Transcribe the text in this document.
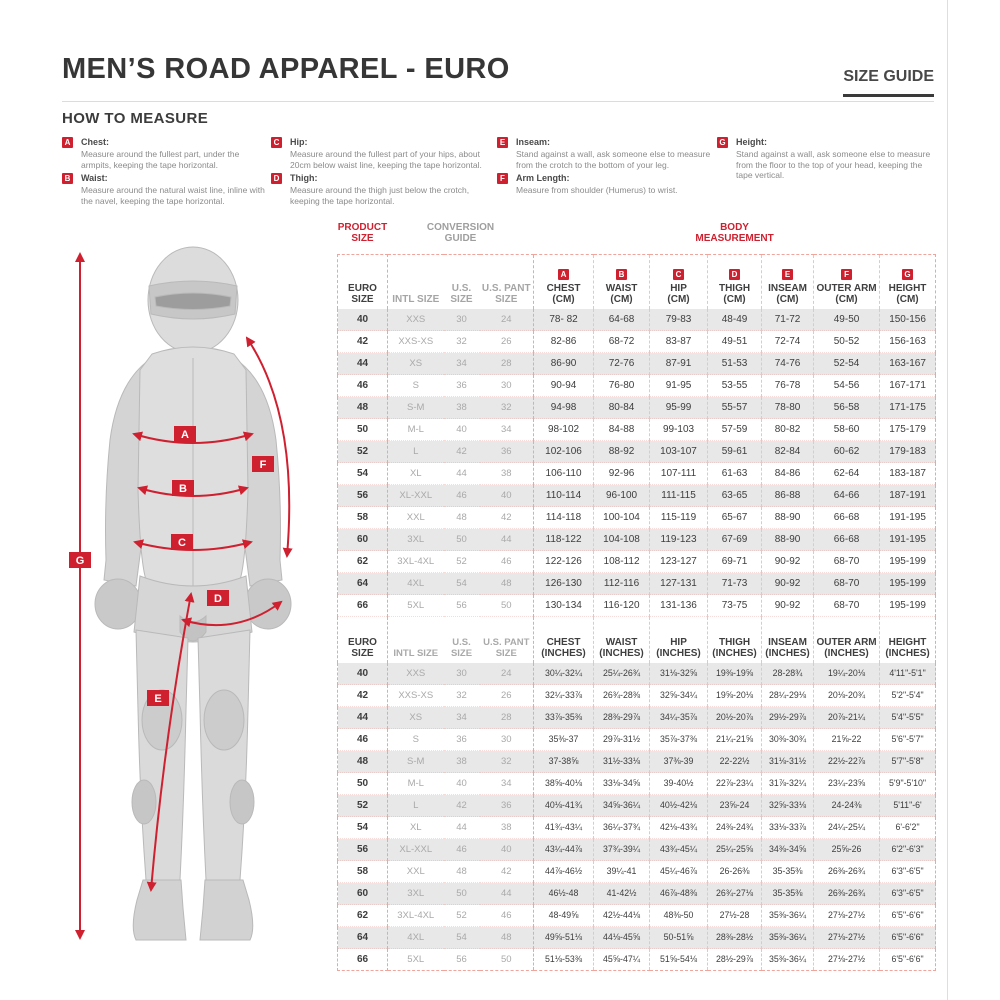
MEN’S ROAD APPAREL - EURO	SIZE GUIDE
HOW TO MEASURE
A Chest:
Measure around the fullest part, under the armpits, keeping the tape horizontal.
B Waist:
Measure around the natural waist line, inline with the navel, keeping the tape horizontal.
C Hip:
Measure around the fullest part of your hips, about 20cm below waist line, keeping the tape horizontal.
D Thigh:
Measure around the thigh just below the crotch, keeping the tape horizontal.
E	Inseam:
Stand against a wall, ask someone else to measure from the crotch to the bottom of your leg.
F	Arm Length:
Measure from shoulder (Humerus) to wrist.
G Height:
Stand against a wall, ask someone else to measure from the floor to the top of your head, keeping the tape vertical.
A
B
C
D
E
F
G
PRODUCT SIZE	CONVERSION GUIDE			BODY MEASUREMENT						
EURO SIZE	INTL SIZE	U.S. SIZE	U.S. PANT SIZE	A
CHEST
(CM)	B
WAIST
(CM)	C
HIP
(CM)	D
THIGH
(CM)	E
INSEAM
(CM)	F
OUTER ARM
(CM)	G
HEIGHT
(CM)

40	XXS	30	24	78- 82	64-68	79-83	48-49	71-72	49-50	150-156
42	XXS-XS	32	26	82-86	68-72	83-87	49-51	72-74	50-52	156-163
44	XS	34	28	86-90	72-76	87-91	51-53	74-76	52-54	163-167
46	S	36	30	90-94	76-80	91-95	53-55	76-78	54-56	167-171
48	S-M	38	32	94-98	80-84	95-99	55-57	78-80	56-58	171-175
50	M-L	40	34	98-102	84-88	99-103	57-59	80-82	58-60	175-179
52	L	42	36	102-106	88-92	103-107	59-61	82-84	60-62	179-183
54	XL	44	38	106-110	92-96	107-111	61-63	84-86	62-64	183-187
56	XL-XXL	46	40	110-114	96-100	111-115	63-65	86-88	64-66	187-191
58	XXL	48	42	114-118	100-104	115-119	65-67	88-90	66-68	191-195
60	3XL	50	44	118-122	104-108	119-123	67-69	88-90	66-68	191-195
62	3XL-4XL	52	46	122-126	108-112	123-127	69-71	90-92	68-70	195-199
64	4XL	54	48	126-130	112-116	127-131	71-73	90-92	68-70	195-199
66	5XL	56	50	130-134	116-120	131-136	73-75	90-92	68-70	195-199
EURO SIZE	INTL SIZE	U.S. SIZE	U.S. PANT SIZE	CHEST
(INCHES)	WAIST
(INCHES)	HIP
(INCHES)	THIGH
(INCHES)	INSEAM
(INCHES)	OUTER ARM
(INCHES)	HEIGHT
(INCHES)

40	XXS	30	24	30¼-32¼	25¼-26¾	31⅛-32⅝	19⅜-19⅝	28-28¾	19¼-20⅛	4'11"-5'1"
42	XXS-XS	32	26	32¼-33⅞	26¾-28⅜	32⅝-34¼	19⅝-20⅛	28¼-29⅛	20⅛-20¾	5'2"-5'4"
44	XS	34	28	33⅞-35⅜	28⅜-29⅞	34¼-35⅞	20½-20⅞	29½-29⅞	20⅞-21¼	5'4"-5'5"
46	S	36	30	35⅜-37	29⅞-31½	35⅞-37⅜	21¼-21⅝	30⅜-30¾	21⅝-22	5'6"-5'7"
48	S-M	38	32	37-38⅝	31½-33⅛	37⅜-39	22-22½	31⅛-31½	22½-22⅞	5'7"-5'8"
50	M-L	40	34	38⅝-40⅛	33⅛-34⅝	39-40½	22⅞-23¼	31⅞-32¼	23¼-23⅝	5'9"-5'10"
52	L	42	36	40⅛-41¾	34⅝-36¼	40½-42⅛	23⅝-24	32⅝-33⅛	24-24⅜	5'11"-6'
54	XL	44	38	41¾-43¼	36¼-37¾	42⅛-43¾	24⅜-24¾	33⅛-33⅞	24¼-25¼	6'-6'2"
56	XL-XXL	46	40	43¼-44⅞	37¾-39¼	43¾-45¼	25¼-25⅝	34⅜-34⅝	25⅝-26	6'2"-6'3"
58	XXL	48	42	44⅞-46½	39¼-41	45¼-46⅞	26-26⅜	35-35⅜	26⅜-26¾	6'3"-6'5"
60	3XL	50	44	46½-48	41-42½	46⅞-48⅜	26¾-27⅛	35-35⅜	26⅜-26¾	6'3"-6'5"
62	3XL-4XL	52	46	48-49⅝	42½-44⅛	48⅜-50	27½-28	35⅜-36¼	27⅛-27½	6'5"-6'6"
64	4XL	54	48	49⅝-51⅛	44⅛-45⅝	50-51⅝	28⅜-28½	35⅜-36¼	27⅛-27½	6'5"-6'6"
66	5XL	56	50	51⅛-53⅜	45⅝-47¼	51⅝-54⅛	28½-29⅞	35⅜-36¼	27⅛-27½	6'5"-6'6"
